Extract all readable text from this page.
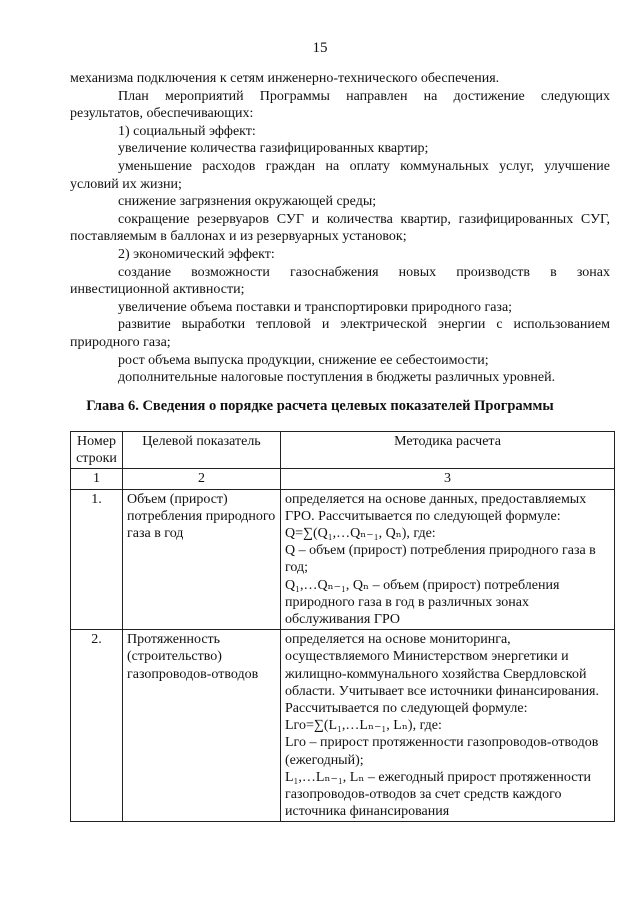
15

механизма подключения к сетям инженерно-технического обеспечения.

План мероприятий Программы направлен на достижение следующих результатов, обеспечивающих:

1) социальный эффект:

увеличение количества газифицированных квартир;

уменьшение расходов граждан на оплату коммунальных услуг, улучшение условий их жизни;

снижение загрязнения окружающей среды;

сокращение резервуаров СУГ и количества квартир, газифицированных СУГ, поставляемым в баллонах и из резервуарных установок;

2) экономический эффект:

создание возможности газоснабжения новых производств в зонах инвестиционной активности;

увеличение объема поставки и транспортировки природного газа;

развитие выработки тепловой и электрической энергии с использованием природного газа;

рост объема выпуска продукции, снижение ее себестоимости;

дополнительные налоговые поступления в бюджеты различных уровней.

Глава 6. Сведения о порядке расчета целевых показателей Программы
Номер строки	Целевой показатель	Методика расчета
1	2	3
1.	Объем (прирост) потребления природного газа в год	определяется на основе данных, предоставляемых ГРО. Рассчитывается по следующей формуле:
Q=∑(Q₁,…Qₙ₋₁, Qₙ), где:
Q – объем (прирост) потребления природного газа в год;
Q₁,…Qₙ₋₁, Qₙ – объем (прирост) потребления природного газа в год в различных зонах обслуживания ГРО

2.	Протяженность (строительство) газопроводов-отводов	определяется на основе мониторинга, осуществляемого Министерством энергетики и жилищно-коммунального хозяйства Свердловской области. Учитывает все источники финансирования. Рассчитывается по следующей формуле:
Lго=∑(L₁,…Lₙ₋₁, Lₙ), где:
Lго – прирост протяженности газопроводов-отводов (ежегодный);
L₁,…Lₙ₋₁, Lₙ – ежегодный прирост протяженности газопроводов-отводов за счет средств каждого источника финансирования
